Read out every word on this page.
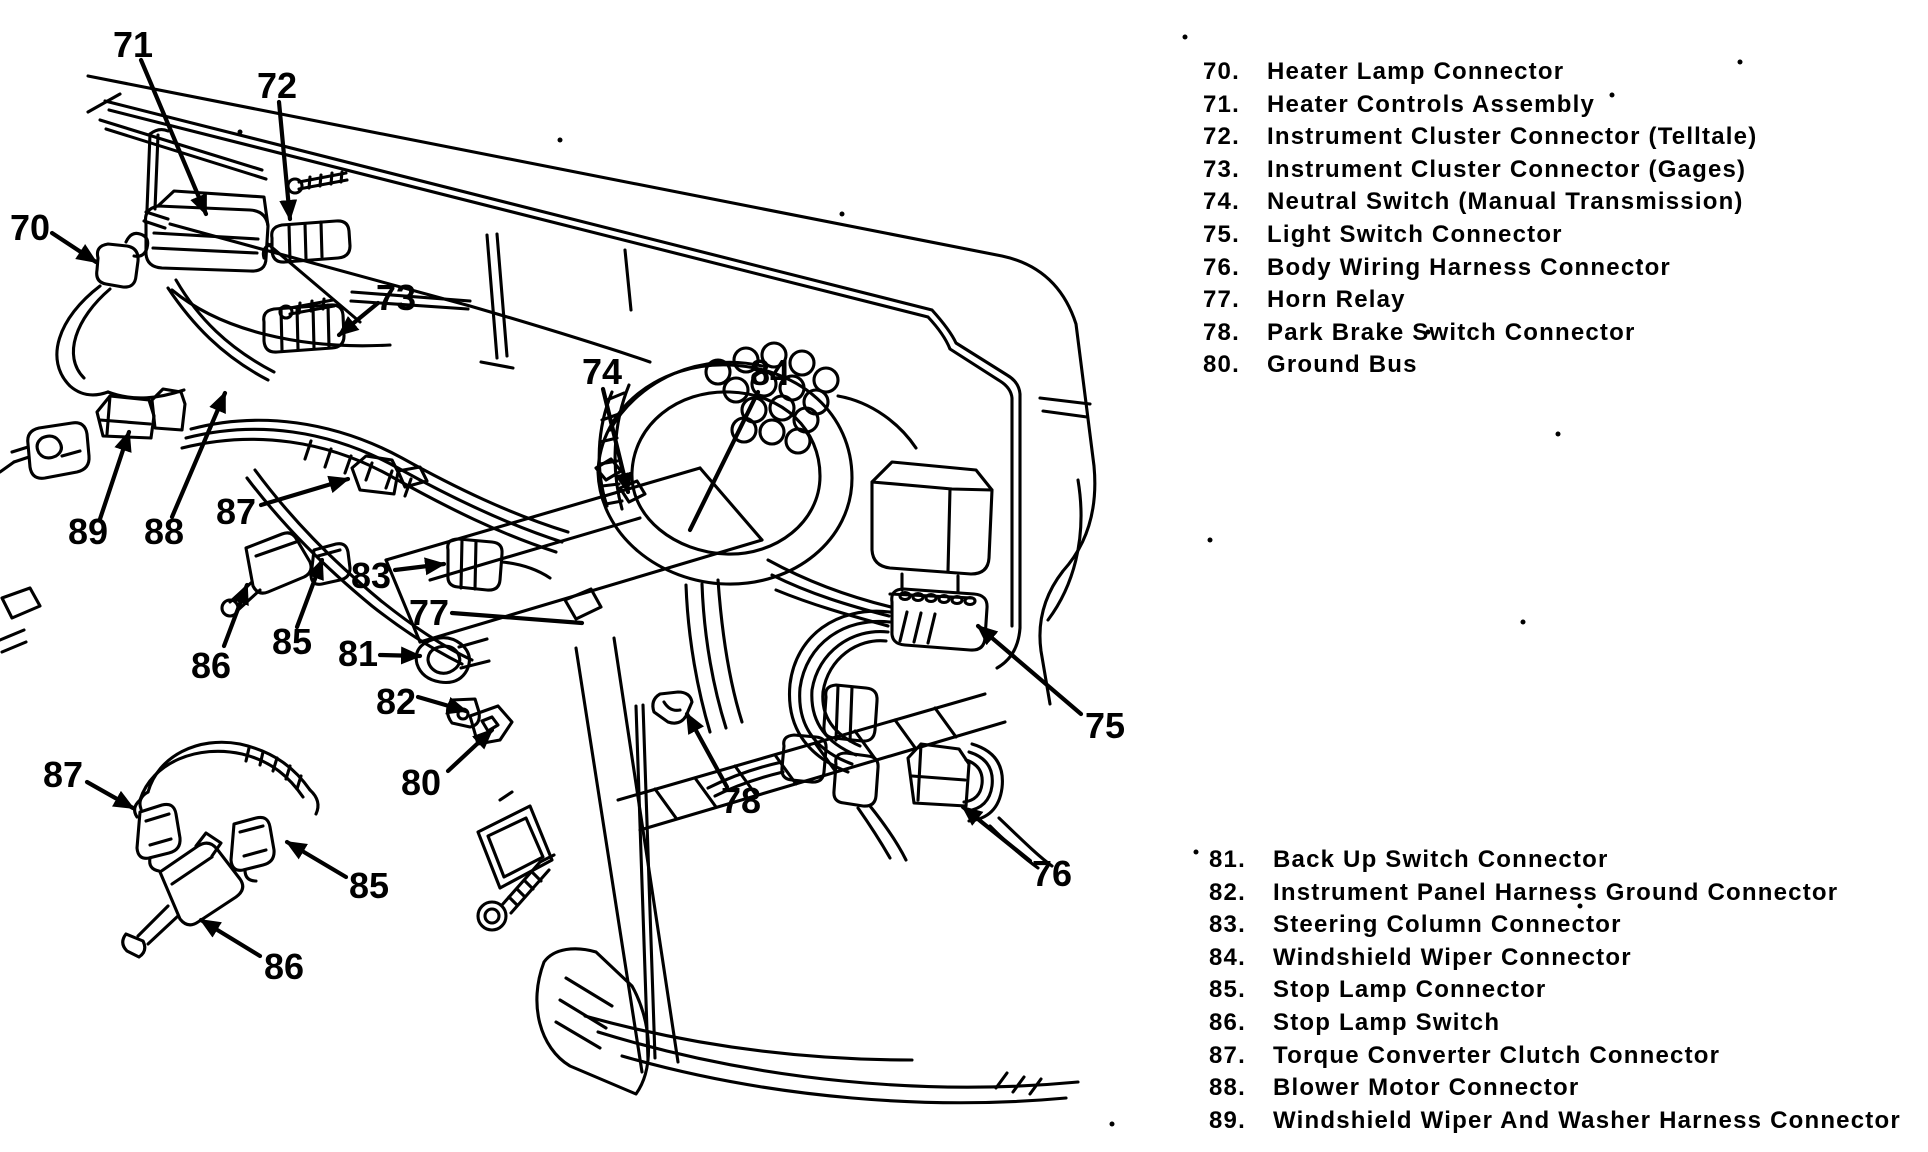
70
71
72
73
74	84
75
76
77
78
80
81
82
83
85
86
87
88
89
87
85
86
70. Heater Lamp Connector
71. Heater Controls Assembly
72. Instrument Cluster Connector (Telltale)
73. Instrument Cluster Connector (Gages)
74. Neutral Switch (Manual Transmission)
75. Light Switch Connector
76. Body Wiring Harness Connector
77. Horn Relay
78. Park Brake Switch Connector
80. Ground Bus
81. Back Up Switch Connector
82. Instrument Panel Harness Ground Connector
83. Steering Column Connector
84. Windshield Wiper Connector
85. Stop Lamp Connector
86. Stop Lamp Switch
87. Torque Converter Clutch Connector
88. Blower Motor Connector
89. Windshield Wiper And Washer Harness Connector
